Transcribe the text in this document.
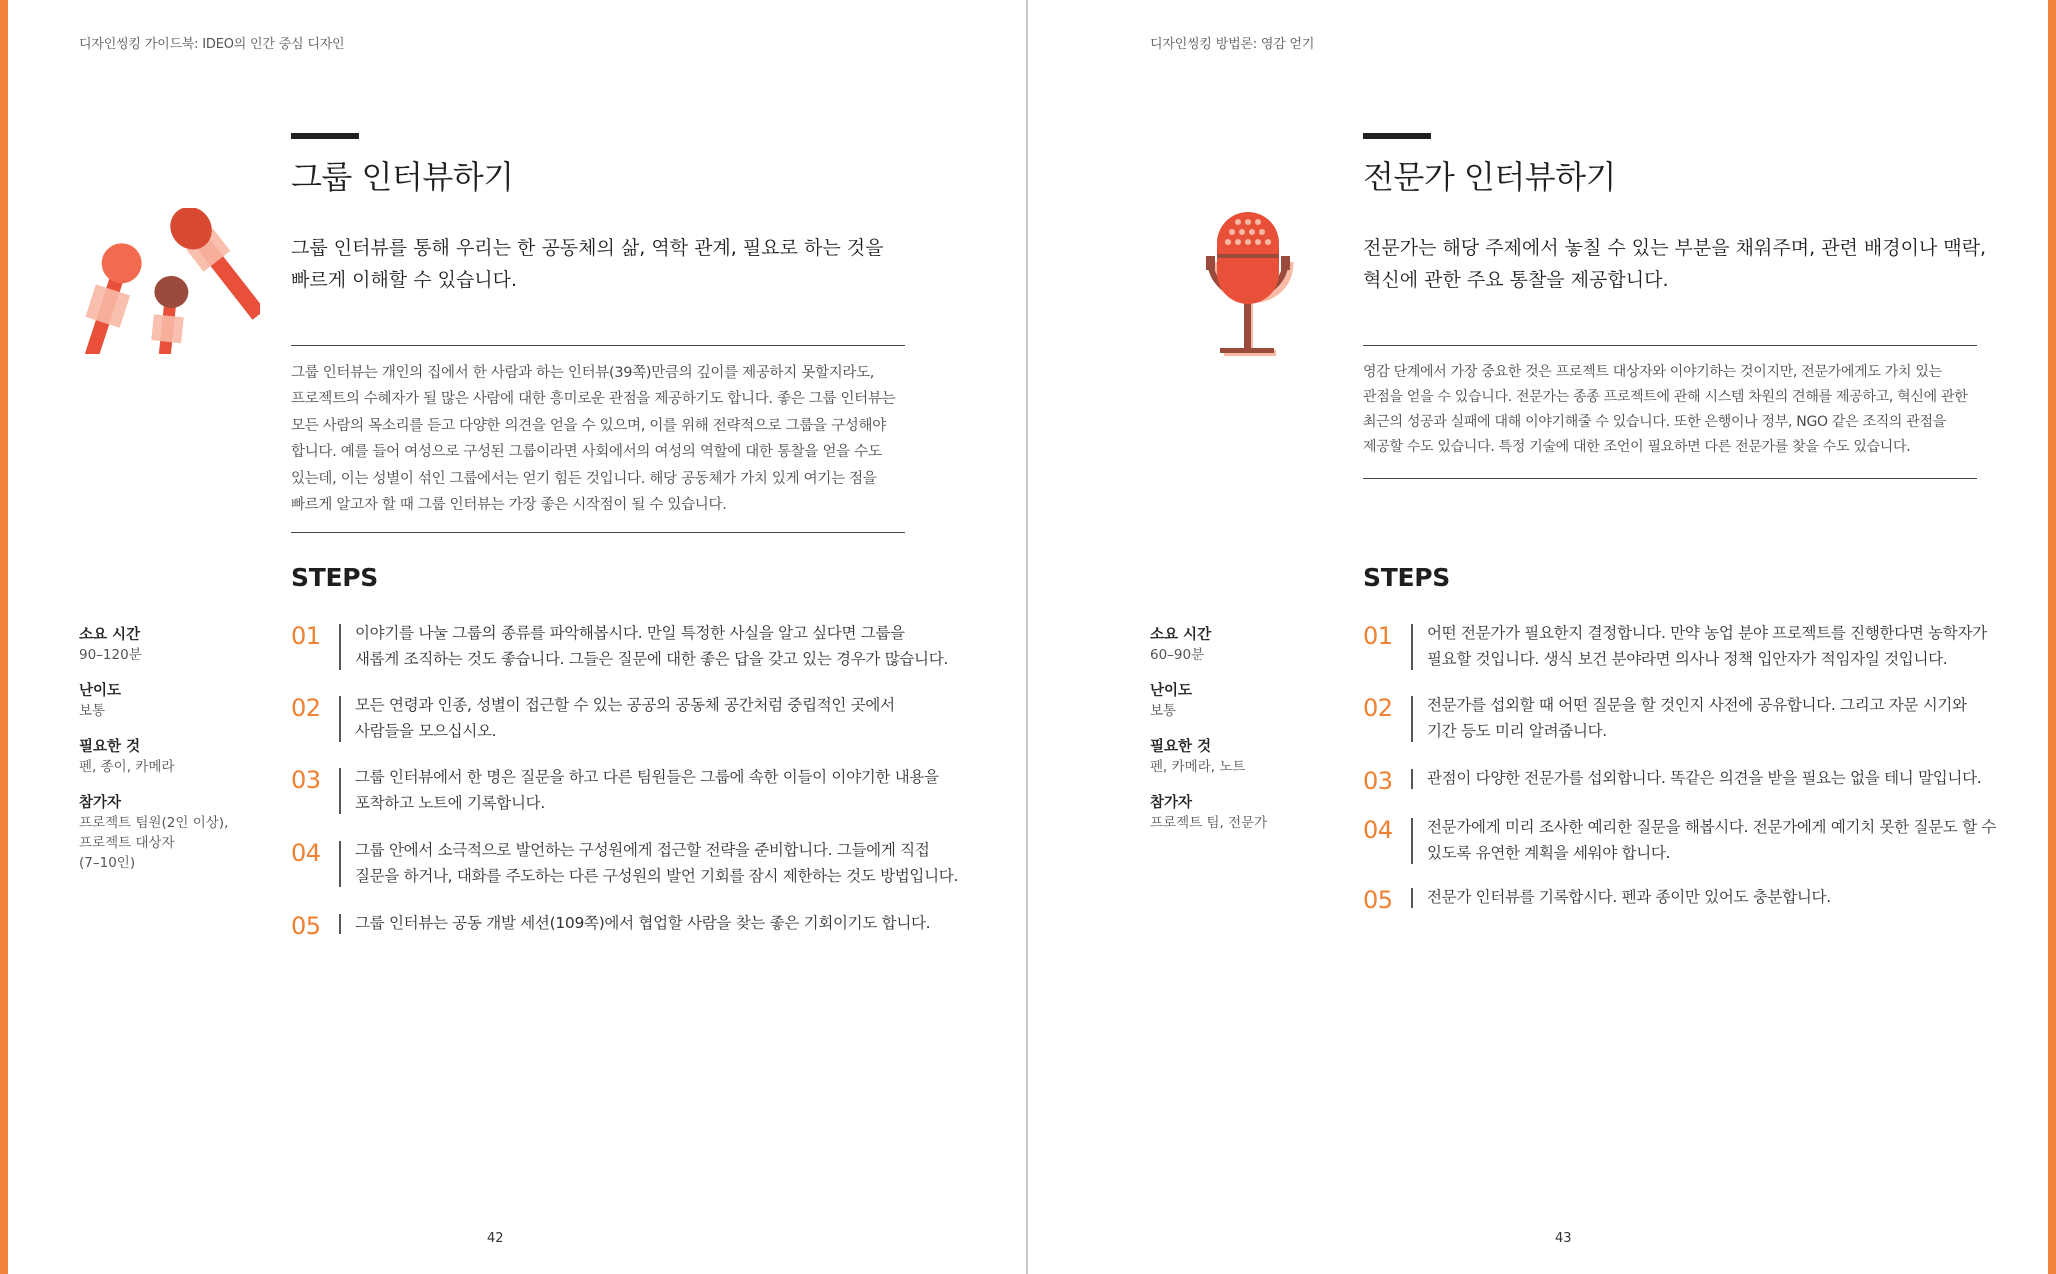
디자인씽킹 가이드북: IDEO의 인간 중심 디자인
그룹 인터뷰하기
그룹 인터뷰를 통해 우리는 한 공동체의 삶, 역학 관계, 필요로 하는 것을
빠르게 이해할 수 있습니다.
그룹 인터뷰는 개인의 집에서 한 사람과 하는 인터뷰(39쪽)만큼의 깊이를 제공하지 못할지라도,
프로젝트의 수혜자가 될 많은 사람에 대한 흥미로운 관점을 제공하기도 합니다. 좋은 그룹 인터뷰는
모든 사람의 목소리를 듣고 다양한 의견을 얻을 수 있으며, 이를 위해 전략적으로 그룹을 구성해야
합니다. 예를 들어 여성으로 구성된 그룹이라면 사회에서의 여성의 역할에 대한 통찰을 얻을 수도
있는데, 이는 성별이 섞인 그룹에서는 얻기 힘든 것입니다. 해당 공동체가 가치 있게 여기는 점을
빠르게 알고자 할 때 그룹 인터뷰는 가장 좋은 시작점이 될 수 있습니다.
STEPS
01	이야기를 나눌 그룹의 종류를 파악해봅시다. 만일 특정한 사실을 알고 싶다면 그룹을
새롭게 조직하는 것도 좋습니다. 그들은 질문에 대한 좋은 답을 갖고 있는 경우가 많습니다.
02	모든 연령과 인종, 성별이 접근할 수 있는 공공의 공동체 공간처럼 중립적인 곳에서
사람들을 모으십시오.
03	그룹 인터뷰에서 한 명은 질문을 하고 다른 팀원들은 그룹에 속한 이들이 이야기한 내용을
포착하고 노트에 기록합니다.
04	그룹 안에서 소극적으로 발언하는 구성원에게 접근할 전략을 준비합니다. 그들에게 직접
질문을 하거나, 대화를 주도하는 다른 구성원의 발언 기회를 잠시 제한하는 것도 방법입니다.
05	그룹 인터뷰는 공동 개발 세션(109쪽)에서 협업할 사람을 찾는 좋은 기회이기도 합니다.
소요 시간
90–120분
난이도
보통
필요한 것
펜, 종이, 카메라
참가자
프로젝트 팀원(2인 이상),
프로젝트 대상자
(7–10인)
42
디자인씽킹 방법론: 영감 얻기
전문가 인터뷰하기
전문가는 해당 주제에서 놓칠 수 있는 부분을 채워주며, 관련 배경이나 맥락,
혁신에 관한 주요 통찰을 제공합니다.
영감 단계에서 가장 중요한 것은 프로젝트 대상자와 이야기하는 것이지만, 전문가에게도 가치 있는
관점을 얻을 수 있습니다. 전문가는 종종 프로젝트에 관해 시스템 차원의 견해를 제공하고, 혁신에 관한
최근의 성공과 실패에 대해 이야기해줄 수 있습니다. 또한 은행이나 정부, NGO 같은 조직의 관점을
제공할 수도 있습니다. 특정 기술에 대한 조언이 필요하면 다른 전문가를 찾을 수도 있습니다.
STEPS
01	어떤 전문가가 필요한지 결정합니다. 만약 농업 분야 프로젝트를 진행한다면 농학자가
필요할 것입니다. 생식 보건 분야라면 의사나 정책 입안자가 적임자일 것입니다.
02	전문가를 섭외할 때 어떤 질문을 할 것인지 사전에 공유합니다. 그리고 자문 시기와
기간 등도 미리 알려줍니다.
03	관점이 다양한 전문가를 섭외합니다. 똑같은 의견을 받을 필요는 없을 테니 말입니다.
04	전문가에게 미리 조사한 예리한 질문을 해봅시다. 전문가에게 예기치 못한 질문도 할 수
있도록 유연한 계획을 세워야 합니다.
05	전문가 인터뷰를 기록합시다. 펜과 종이만 있어도 충분합니다.
소요 시간
60–90분
난이도
보통
필요한 것
펜, 카메라, 노트
참가자
프로젝트 팀, 전문가
43
